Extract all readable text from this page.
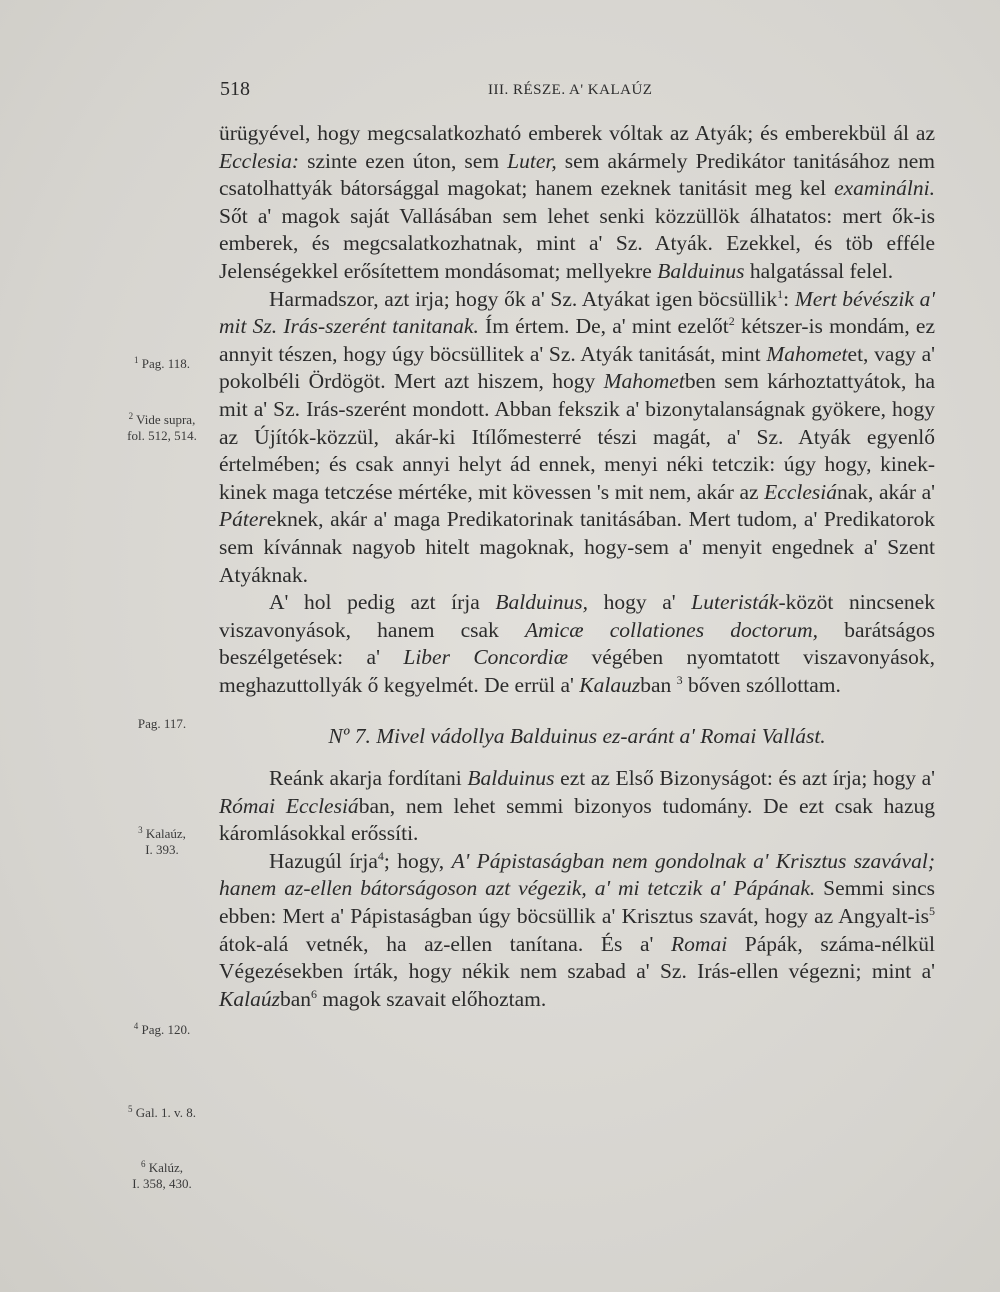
518	III. RÉSZE. A' KALAÚZ
$^1$ Pag. 118.
$^2$ Vide supra,
fol. 512, 514.
Pag. 117.
$^3$ Kalaúz,
I. 393.
$^4$ Pag. 120.
$^5$ Gal. 1. v. 8.
$^6$ Kalúz,
I. 358, 430.

ürügyével, hogy megcsalatkozható emberek vóltak az Atyák; és emberekbül ál az Ecclesia: szinte ezen úton, sem Luter, sem akármely Predikátor tanitásához nem csatolhattyák bátorsággal magokat; hanem ezeknek tanitásit meg kel examinálni. Sőt a' magok saját Vallásában sem lehet senki közzüllök álhatatos: mert ők-is emberek, és megcsalatkozhatnak, mint a' Sz. Atyák. Ezekkel, és töb efféle Jelenségekkel erősítettem mondásomat; mellyekre Balduinus halgatással felel.

Harmadszor, azt irja; hogy ők a' Sz. Atyákat igen böcsüllik$^1$: Mert bévészik a' mit Sz. Irás-szerént tanitanak. Ím értem. De, a' mint ezelőt$^2$ kétszer-is mondám, ez annyit tészen, hogy úgy böcsüllitek a' Sz. Atyák tanitását, mint Mahometet, vagy a' pokolbéli Ördögöt. Mert azt hiszem, hogy Mahometben sem kárhoztattyátok, ha mit a' Sz. Irás-szerént mondott. Abban fekszik a' bizonytalanságnak gyökere, hogy az Újítók-közzül, akár-ki Itílőmesterré tészi magát, a' Sz. Atyák egyenlő értelmében; és csak annyi helyt ád ennek, menyi néki tetczik: úgy hogy, kinek-kinek maga tetczése mértéke, mit kövessen 's mit nem, akár az Ecclesiának, akár a' Pátereknek, akár a' maga Predikatorinak tanitásában. Mert tudom, a' Predikatorok sem kívánnak nagyob hitelt magoknak, hogy-sem a' menyit engednek a' Szent Atyáknak.

A' hol pedig azt írja Balduinus, hogy a' Luteristák-közöt nincsenek viszavonyások, hanem csak Amicæ collationes doctorum, barátságos beszélgetések: a' Liber Concordiæ végében nyomtatott viszavonyások, meghazuttollyák ő kegyelmét. De errül a' Kalauzban $^3$ bőven szóllottam.

Nº 7. Mivel vádollya Balduinus ez-aránt a' Romai Vallást.

Reánk akarja fordítani Balduinus ezt az Első Bizonyságot: és azt írja; hogy a' Római Ecclesiában, nem lehet semmi bizonyos tudomány. De ezt csak hazug káromlásokkal erőssíti.

Hazugúl írja$^4$; hogy, A' Pápistaságban nem gondolnak a' Krisztus szavával; hanem az-ellen bátorságoson azt végezik, a' mi tetczik a' Pápának. Semmi sincs ebben: Mert a' Pápistaságban úgy böcsüllik a' Krisztus szavát, hogy az Angyalt-$is^5$ átok-alá vetnék, ha az-ellen tanítana. És a' Romai Pápák, száma-nélkül Végezésekben írták, hogy nékik nem szabad a' Sz. Irás-ellen végezni; mint a' Kalaúzban$^6$ magok szavait előhoztam.
